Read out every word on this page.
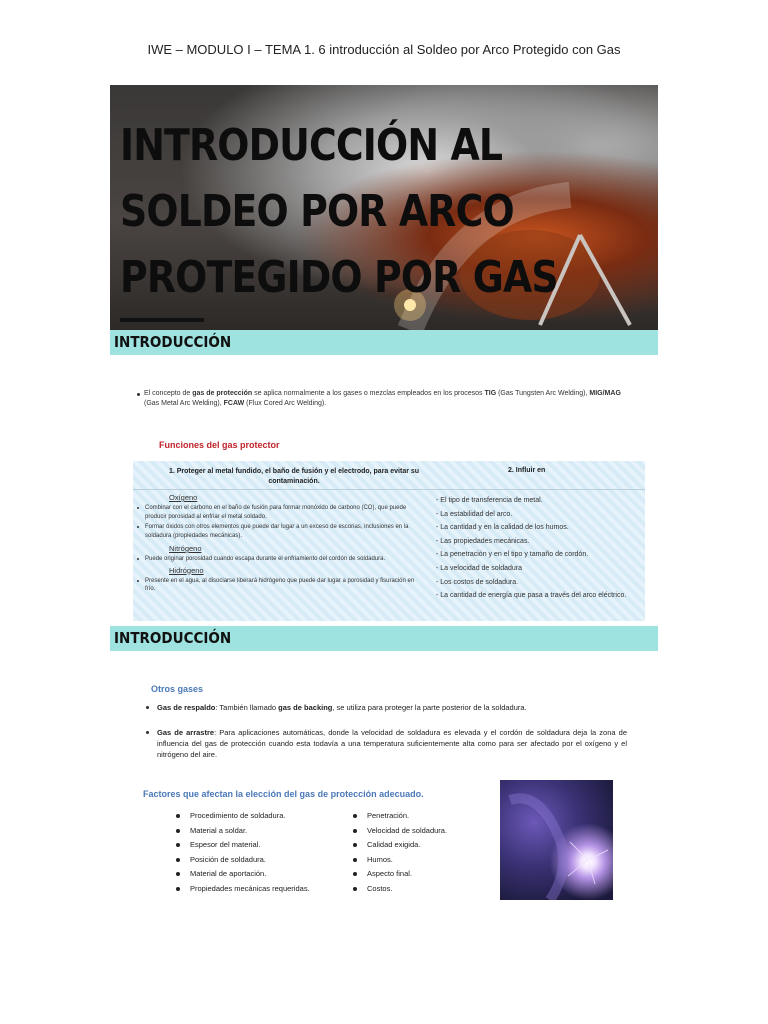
IWE – MODULO I – TEMA 1. 6 introducción al Soldeo por Arco Protegido con Gas
INTRODUCCIÓN AL
SOLDEO POR ARCO
PROTEGIDO POR GAS
INTRODUCCIÓN
El concepto de gas de protección se aplica normalmente a los gases o mezclas empleados en los procesos TIG (Gas Tungsten Arc Welding), MIG/MAG (Gas Metal Arc Welding), FCAW (Flux Cored Arc Welding).
Funciones del gas protector
1. Proteger al metal fundido, el baño de fusión y el electrodo, para evitar su contaminación.
2. Influir en
Oxígeno
Combinar con el carbono en el baño de fusión para formar monóxido de carbono (CO), que puede producir porosidad al enfriar el metal soldado.
Formar óxidos con otros elementos que puede dar lugar a un exceso de escorias, inclusiones en la soldadura (propiedades mecánicas).
Nitrógeno
Puede originar porosidad cuando escapa durante el enfriamiento del cordón de soldadura.
Hidrógeno
Presente en el agua, al disociarse liberará hidrógeno que puede dar lugar a porosidad y fisuración en frío.
- El tipo de transferencia de metal.
- La estabilidad del arco.
- La cantidad y en la calidad de los humos.
- Las propiedades mecánicas.
- La penetración y en el tipo y tamaño de cordón.
- La velocidad de soldadura
- Los costos de soldadura.
- La cantidad de energía que pasa a través del arco eléctrico.
INTRODUCCIÓN
Otros gases
Gas de respaldo: También llamado gas de backing, se utiliza para proteger la parte posterior de la soldadura.
Gas de arrastre: Para aplicaciones automáticas, donde la velocidad de soldadura es elevada y el cordón de soldadura deja la zona de influencia del gas de protección cuando esta todavía a una temperatura suficientemente alta como para ser afectado por el oxígeno y el nitrógeno del aire.
Factores que afectan la elección del gas de protección adecuado.
Procedimiento de soldadura.
Material a soldar.
Espesor del material.
Posición de soldadura.
Material de aportación.
Propiedades mecánicas requeridas.
Penetración.
Velocidad de soldadura.
Calidad exigida.
Humos.
Aspecto final.
Costos.
